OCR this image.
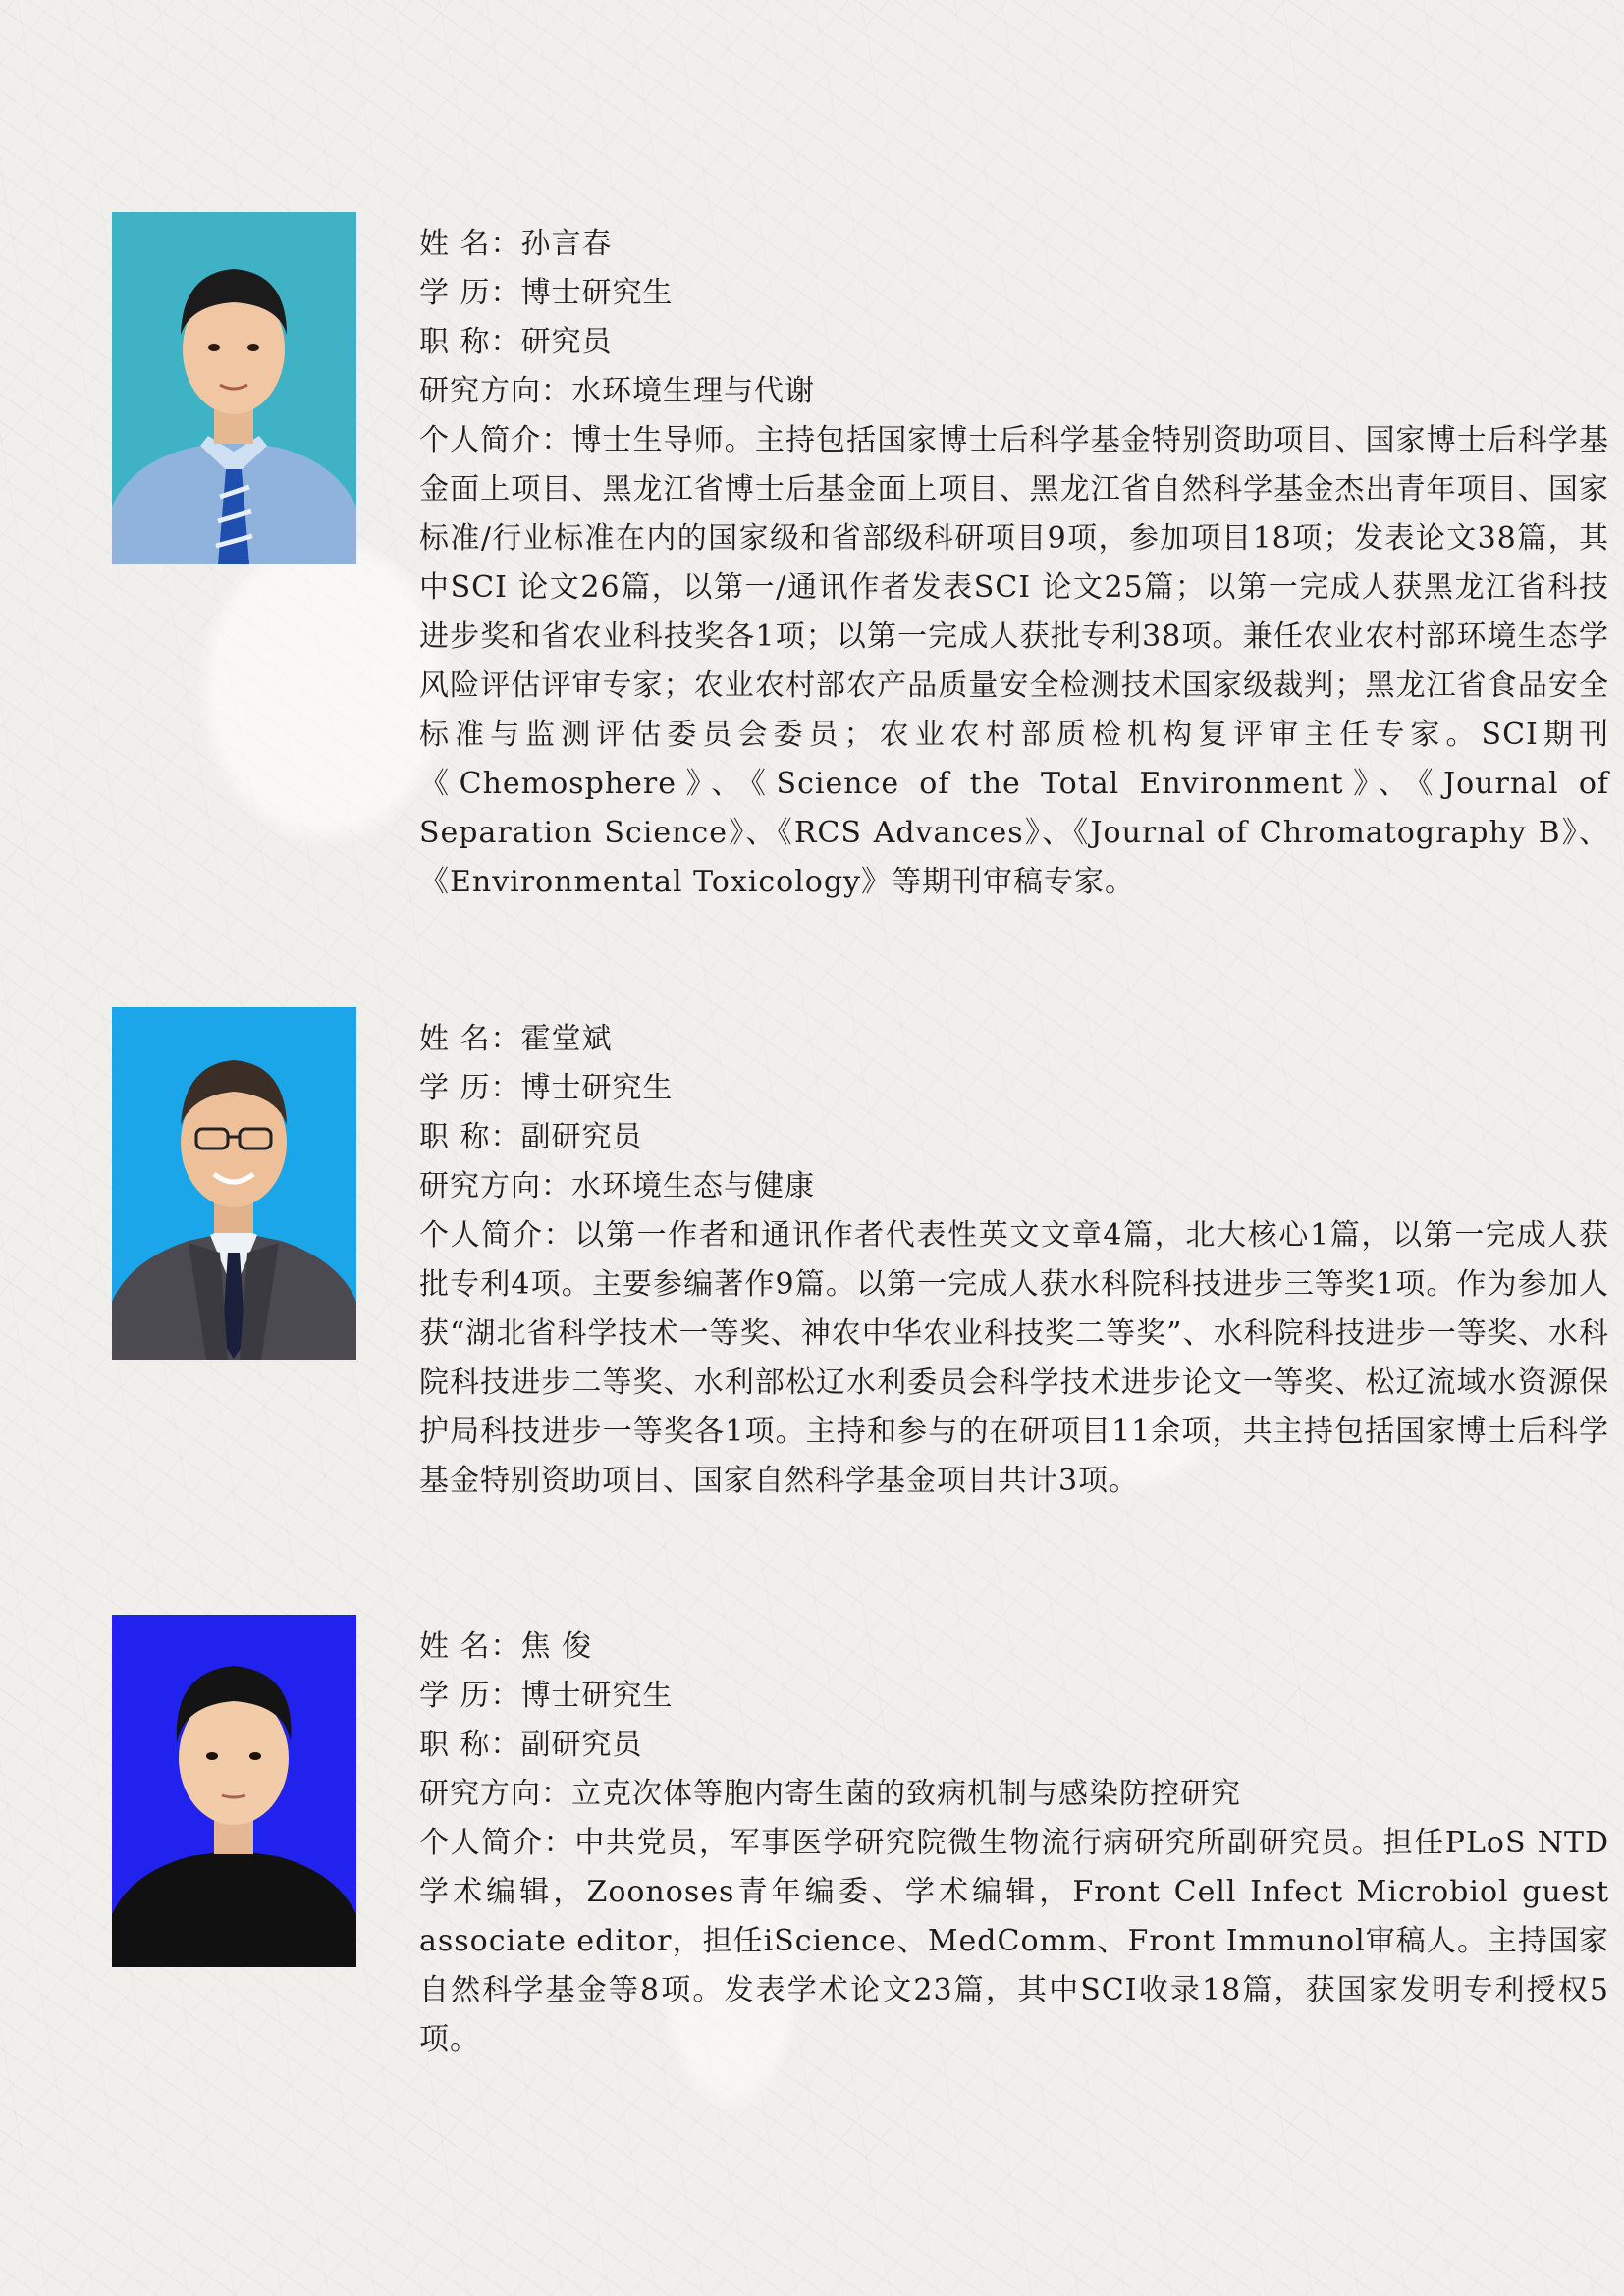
姓 名：孙言春

学 历：博士研究生

职 称：研究员

研究方向：水环境生理与代谢

个人简介：博士生导师。主持包括国家博士后科学基金特别资助项目、国家博士后科学基金面上项目、黑龙江省博士后基金面上项目、黑龙江省自然科学基金杰出青年项目、国家标准/行业标准在内的国家级和省部级科研项目9项，参加项目18项；发表论文38篇，其中SCI 论文26篇，以第一/通讯作者发表SCI 论文25篇；以第一完成人获黑龙江省科技进步奖和省农业科技奖各1项；以第一完成人获批专利38项。兼任农业农村部环境生态学风险评估评审专家；农业农村部农产品质量安全检测技术国家级裁判；黑龙江省食品安全标准与监测评估委员会委员；农业农村部质检机构复评审主任专家。SCI期刊《Chemosphere》、《Science of the Total Environment》、《Journal of Separation Science》、《RCS Advances》、《Journal of Chromatography B》、《Environmental Toxicology》等期刊审稿专家。

姓 名：霍堂斌

学 历：博士研究生

职 称：副研究员

研究方向：水环境生态与健康

个人简介：以第一作者和通讯作者代表性英文文章4篇，北大核心1篇，以第一完成人获批专利4项。主要参编著作9篇。以第一完成人获水科院科技进步三等奖1项。作为参加人获“湖北省科学技术一等奖、神农中华农业科技奖二等奖”、水科院科技进步一等奖、水科院科技进步二等奖、水利部松辽水利委员会科学技术进步论文一等奖、松辽流域水资源保护局科技进步一等奖各1项。主持和参与的在研项目11余项，共主持包括国家博士后科学基金特别资助项目、国家自然科学基金项目共计3项。

姓 名：焦 俊

学 历：博士研究生

职 称：副研究员

研究方向：立克次体等胞内寄生菌的致病机制与感染防控研究

个人简介：中共党员，军事医学研究院微生物流行病研究所副研究员。担任PLoS NTD学术编辑，Zoonoses青年编委、学术编辑，Front Cell Infect Microbiol guest associate editor，担任iScience、MedComm、Front Immunol审稿人。主持国家自然科学基金等8项。发表学术论文23篇，其中SCI收录18篇，获国家发明专利授权5项。
